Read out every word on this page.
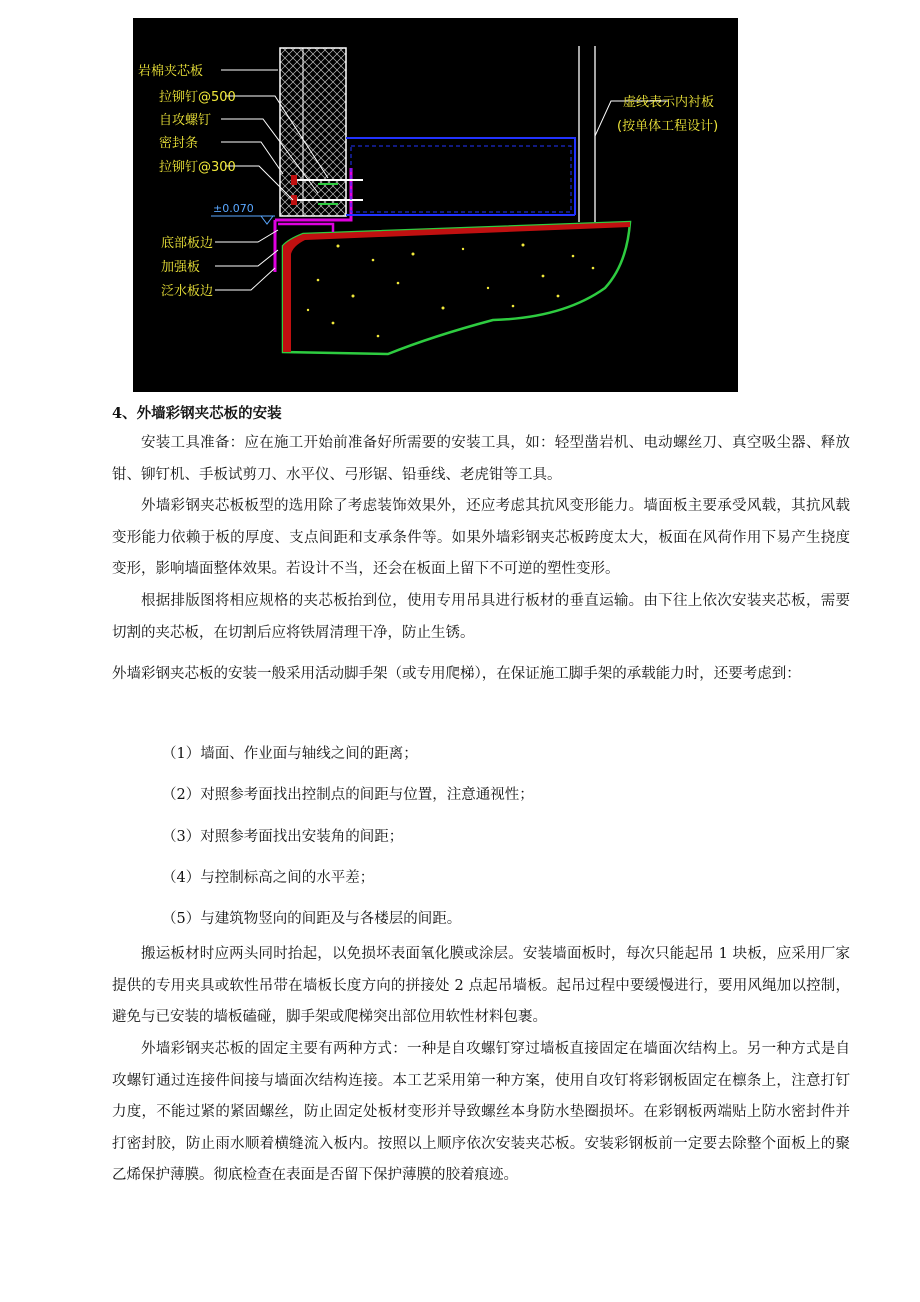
岩棉夹芯板
拉铆钉@500
自攻螺钉
密封条
拉铆钉@300
±0.070
底部板边
加强板
泛水板边
虚线表示内衬板
(按单体工程设计)

4、外墙彩钢夹芯板的安装

安装工具准备：应在施工开始前准备好所需要的安装工具，如：轻型凿岩机、电动螺丝刀、真空吸尘器、释放钳、铆钉机、手板试剪刀、水平仪、弓形锯、铅垂线、老虎钳等工具。

外墙彩钢夹芯板板型的选用除了考虑装饰效果外，还应考虑其抗风变形能力。墙面板主要承受风载，其抗风载变形能力依赖于板的厚度、支点间距和支承条件等。如果外墙彩钢夹芯板跨度太大，板面在风荷作用下易产生挠度变形，影响墙面整体效果。若设计不当，还会在板面上留下不可逆的塑性变形。

根据排版图将相应规格的夹芯板抬到位，使用专用吊具进行板材的垂直运输。由下往上依次安装夹芯板，需要切割的夹芯板，在切割后应将铁屑清理干净，防止生锈。

外墙彩钢夹芯板的安装一般采用活动脚手架（或专用爬梯），在保证施工脚手架的承载能力时，还要考虑到：

（1）墙面、作业面与轴线之间的距离；

（2）对照参考面找出控制点的间距与位置，注意通视性；

（3）对照参考面找出安装角的间距；

（4）与控制标高之间的水平差；

（5）与建筑物竖向的间距及与各楼层的间距。

搬运板材时应两头同时抬起，以免损坏表面氧化膜或涂层。安装墙面板时，每次只能起吊 1 块板，应采用厂家提供的专用夹具或软性吊带在墙板长度方向的拼接处 2 点起吊墙板。起吊过程中要缓慢进行，要用风绳加以控制，避免与已安装的墙板磕碰，脚手架或爬梯突出部位用软性材料包裹。

外墙彩钢夹芯板的固定主要有两种方式：一种是自攻螺钉穿过墙板直接固定在墙面次结构上。另一种方式是自攻螺钉通过连接件间接与墙面次结构连接。本工艺采用第一种方案，使用自攻钉将彩钢板固定在檩条上，注意打钉力度，不能过紧的紧固螺丝，防止固定处板材变形并导致螺丝本身防水垫圈损坏。在彩钢板两端贴上防水密封件并打密封胶，防止雨水顺着横缝流入板内。按照以上顺序依次安装夹芯板。安装彩钢板前一定要去除整个面板上的聚乙烯保护薄膜。彻底检查在表面是否留下保护薄膜的胶着痕迹。
